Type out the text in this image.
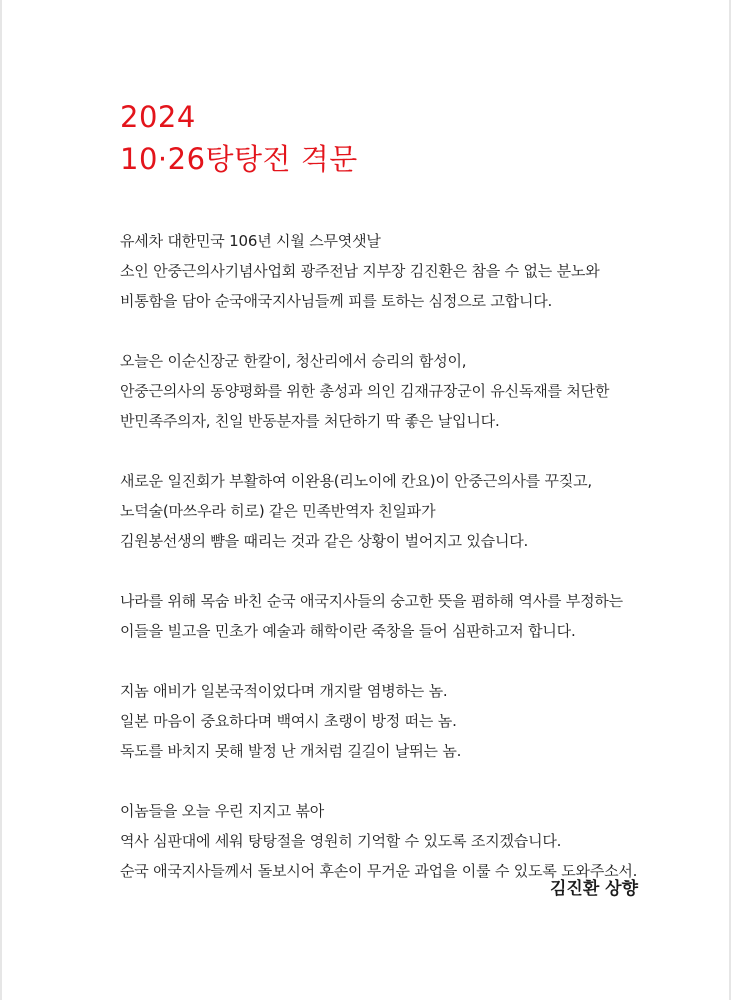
2024
10·26탕탕전 격문
유세차 대한민국 106년 시월 스무엿샛날
소인 안중근의사기념사업회 광주전남 지부장 김진환은 참을 수 없는 분노와
비통함을 담아 순국애국지사님들께 피를 토하는 심정으로 고합니다.
오늘은 이순신장군 한칼이, 청산리에서 승리의 함성이,
안중근의사의 동양평화를 위한 총성과 의인 김재규장군이 유신독재를 처단한
반민족주의자, 친일 반동분자를 처단하기 딱 좋은 날입니다.
새로운 일진회가 부활하여 이완용(리노이에 칸요)이 안중근의사를 꾸짖고,
노덕술(마쓰우라 히로) 같은 민족반역자 친일파가
김원봉선생의 뺨을 때리는 것과 같은 상황이 벌어지고 있습니다.
나라를 위해 목숨 바친 순국 애국지사들의 숭고한 뜻을 폄하해 역사를 부정하는
이들을 빌고을 민초가 예술과 해학이란 죽창을 들어 심판하고저 합니다.
지놈 애비가 일본국적이었다며 개지랄 염병하는 놈.
일본 마음이 중요하다며 백여시 초랭이 방정 떠는 놈.
독도를 바치지 못해 발정 난 개처럼 길길이 날뛰는 놈.
이놈들을 오늘 우린 지지고 볶아
역사 심판대에 세워 탕탕절을 영원히 기억할 수 있도록 조지겠습니다.
순국 애국지사들께서 돌보시어 후손이 무거운 과업을 이룰 수 있도록 도와주소서.
김진환 상향
